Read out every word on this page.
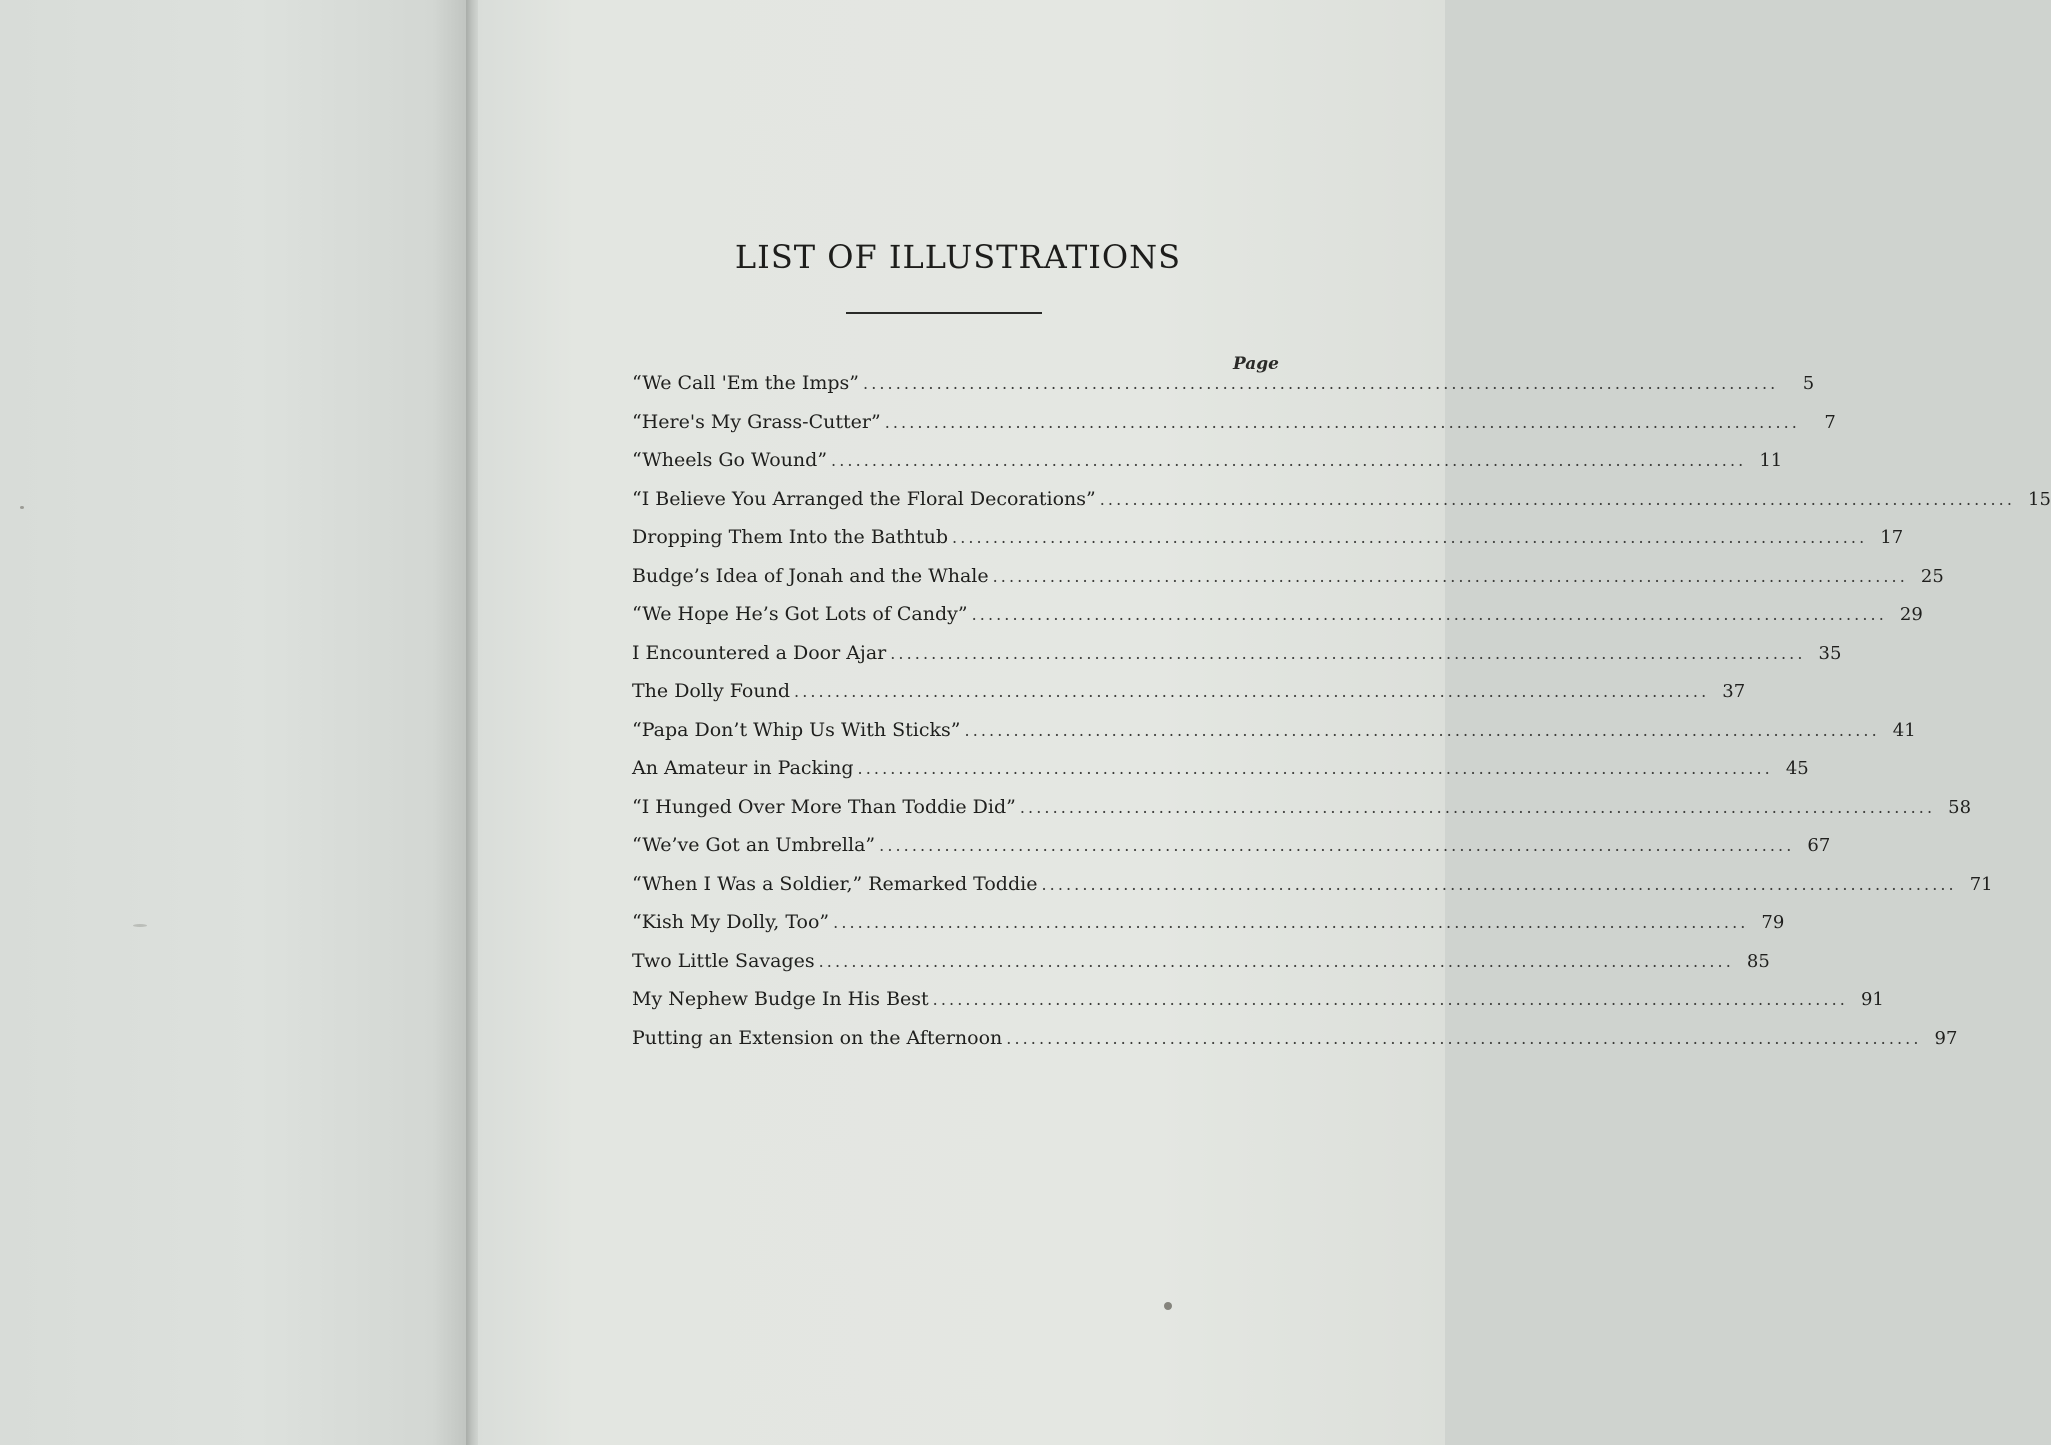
LIST OF ILLUSTRATIONS
Page
“We Call 'Em the Imps” . . .	5
“Here's My Grass-Cutter” . . .	7
“Wheels Go Wound” . . .	11
“I Believe You Arranged the Floral Decorations” . . .	15
Dropping Them Into the Bathtub . . .	17
Budge’s Idea of Jonah and the Whale . . .	25
“We Hope He’s Got Lots of Candy” . . .	29
I Encountered a Door Ajar . . .	35
The Dolly Found . . .	37
“Papa Don’t Whip Us With Sticks” . . .	41
An Amateur in Packing . . .	45
“I Hunged Over More Than Toddie Did” . . .	58
“We’ve Got an Umbrella” . . .	67
“When I Was a Soldier,” Remarked Toddie . . .	71
“Kish My Dolly, Too” . . .	79
Two Little Savages . . .	85
My Nephew Budge In His Best . . .	91
Putting an Extension on the Afternoon . . .	97
